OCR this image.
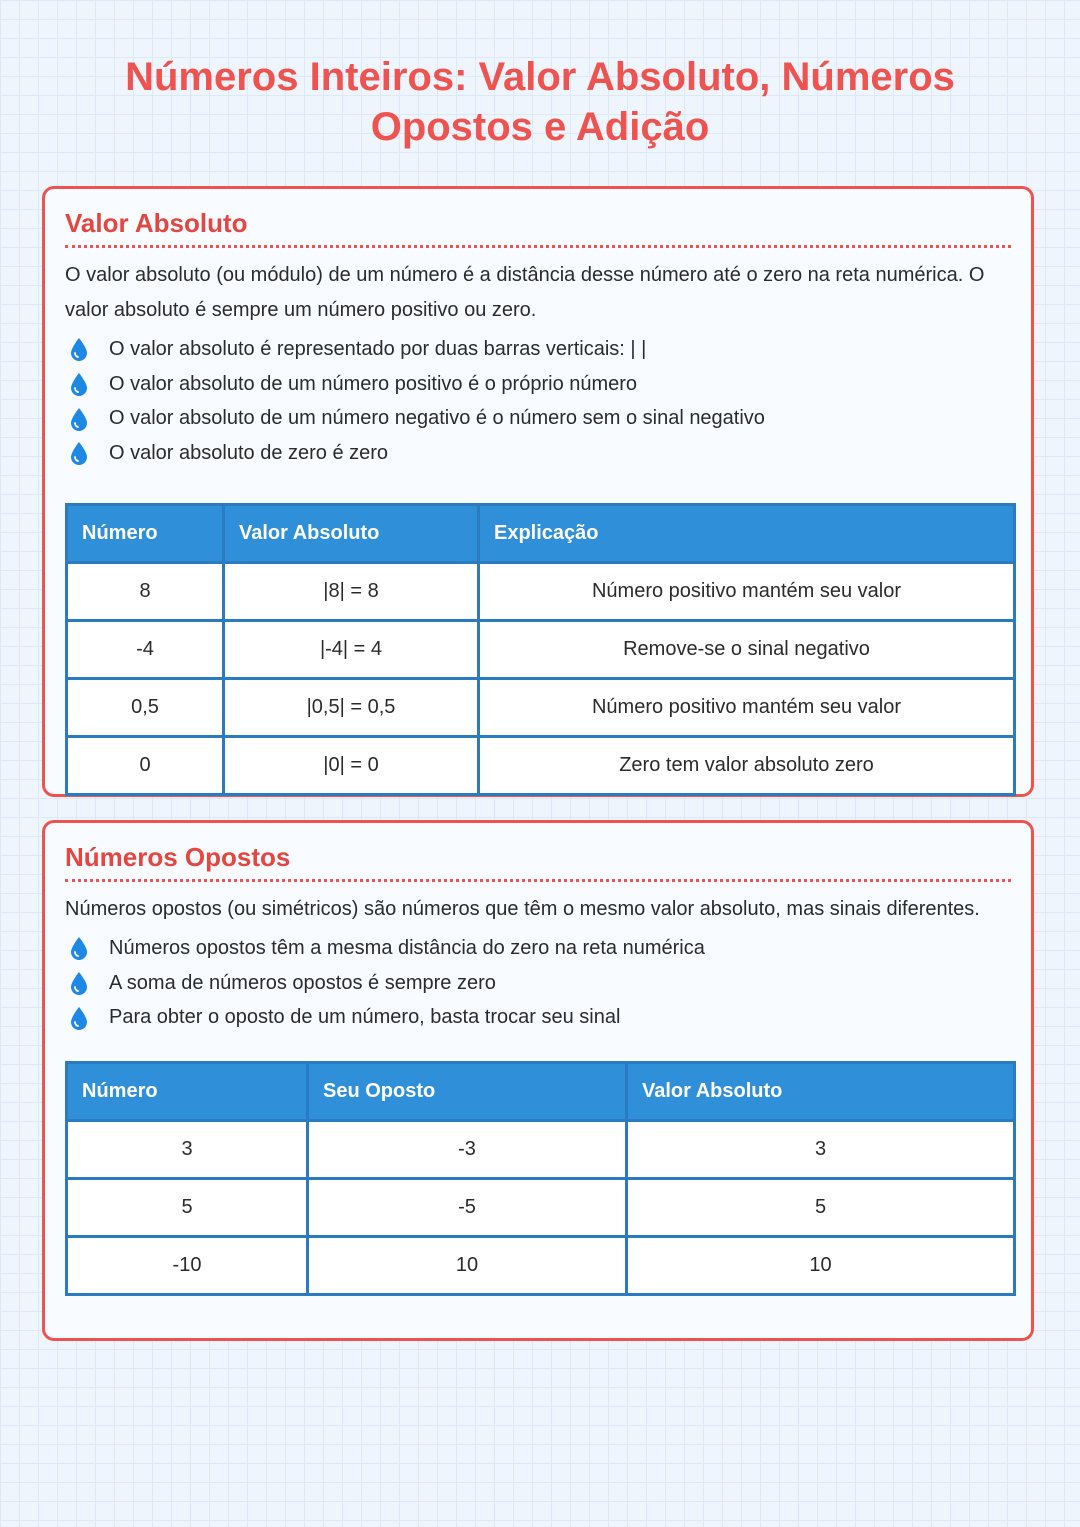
Números Inteiros: Valor Absoluto, Números Opostos e Adição
Valor Absoluto

O valor absoluto (ou módulo) de um número é a distância desse número até o zero na reta numérica. O valor absoluto é sempre um número positivo ou zero.

O valor absoluto é representado por duas barras verticais: | |
O valor absoluto de um número positivo é o próprio número
O valor absoluto de um número negativo é o número sem o sinal negativo
O valor absoluto de zero é zero
Número	Valor Absoluto	Explicação
8	|8| = 8	Número positivo mantém seu valor
-4	|-4| = 4	Remove-se o sinal negativo
0,5	|0,5| = 0,5	Número positivo mantém seu valor
0	|0| = 0	Zero tem valor absoluto zero
Números Opostos

Números opostos (ou simétricos) são números que têm o mesmo valor absoluto, mas sinais diferentes.

Números opostos têm a mesma distância do zero na reta numérica
A soma de números opostos é sempre zero
Para obter o oposto de um número, basta trocar seu sinal
Número	Seu Oposto	Valor Absoluto
3	-3	3
5	-5	5
-10	10	10
